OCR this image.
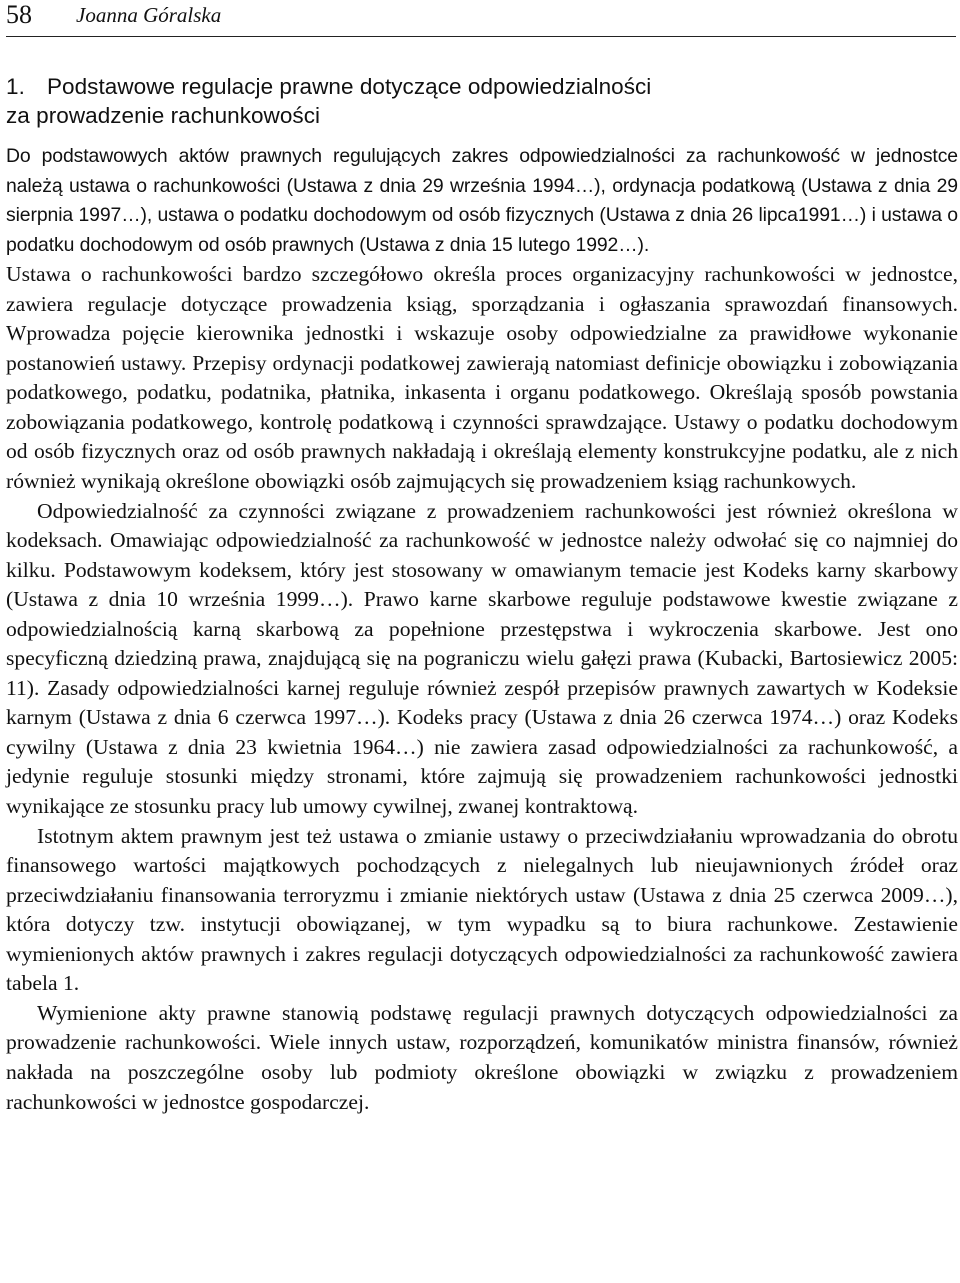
58 Joanna Góralska
1. Podstawowe regulacje prawne dotyczące odpowiedzialności
za prowadzenie rachunkowości

Do podstawowych aktów prawnych regulujących zakres odpowiedzialności za rachunkowość w jednostce należą ustawa o rachunkowości (Ustawa z dnia 29 września 1994…), ordynacja podatkową (Ustawa z dnia 29 sierpnia 1997…), ustawa o podatku dochodowym od osób fizycznych (Ustawa z dnia 26 lipca1991…) i ustawa o podatku dochodowym od osób prawnych (Ustawa z dnia 15 lutego 1992…).

Ustawa o rachunkowości bardzo szczegółowo określa proces organizacyjny rachunkowości w jednostce, zawiera regulacje dotyczące prowadzenia ksiąg, sporządzania i ogłaszania sprawozdań finansowych. Wprowadza pojęcie kierownika jednostki i wskazuje osoby odpowiedzialne za prawidłowe wykonanie postanowień ustawy. Przepisy ordynacji podatkowej zawierają natomiast definicje obowiązku i zobowiązania podatkowego, podatku, podatnika, płatnika, inkasenta i organu podatkowego. Określają sposób powstania zobowiązania podatkowego, kontrolę podatkową i czynności sprawdzające. Ustawy o podatku dochodowym od osób fizycznych oraz od osób prawnych nakładają i określają elementy konstrukcyjne podatku, ale z nich również wynikają określone obowiązki osób zajmujących się prowadzeniem ksiąg rachunkowych.

Odpowiedzialność za czynności związane z prowadzeniem rachunkowości jest również określona w kodeksach. Omawiając odpowiedzialność za rachunkowość w jednostce należy odwołać się co najmniej do kilku. Podstawowym kodeksem, który jest stosowany w omawianym temacie jest Kodeks karny skarbowy (Ustawa z dnia 10 września 1999…). Prawo karne skarbowe reguluje podstawowe kwestie związane z odpowiedzialnością karną skarbową za popełnione przestępstwa i wykroczenia skarbowe. Jest ono specyficzną dziedziną prawa, znajdującą się na pograniczu wielu gałęzi prawa (Kubacki, Bartosiewicz 2005: 11). Zasady odpowiedzialności karnej reguluje również zespół przepisów prawnych zawartych w Kodeksie karnym (Ustawa z dnia 6 czerwca 1997…). Kodeks pracy (Ustawa z dnia 26 czerwca 1974…) oraz Kodeks cywilny (Ustawa z dnia 23 kwietnia 1964…) nie zawiera zasad odpowiedzialności za rachunkowość, a jedynie reguluje stosunki między stronami, które zajmują się prowadzeniem rachunkowości jednostki wynikające ze stosunku pracy lub umowy cywilnej, zwanej kontraktową.

Istotnym aktem prawnym jest też ustawa o zmianie ustawy o przeciwdziałaniu wprowadzania do obrotu finansowego wartości majątkowych pochodzących z nielegalnych lub nieujawnionych źródeł oraz przeciwdziałaniu finansowania terroryzmu i zmianie niektórych ustaw (Ustawa z dnia 25 czerwca 2009…), która dotyczy tzw. instytucji obowiązanej, w tym wypadku są to biura rachunkowe. Zestawienie wymienionych aktów prawnych i zakres regulacji dotyczących odpowiedzialności za rachunkowość zawiera tabela 1.

Wymienione akty prawne stanowią podstawę regulacji prawnych dotyczących odpowiedzialności za prowadzenie rachunkowości. Wiele innych ustaw, rozporządzeń, komunikatów ministra finansów, również nakłada na poszczególne osoby lub podmioty określone obowiązki w związku z prowadzeniem rachunkowości w jednostce gospodarczej.
